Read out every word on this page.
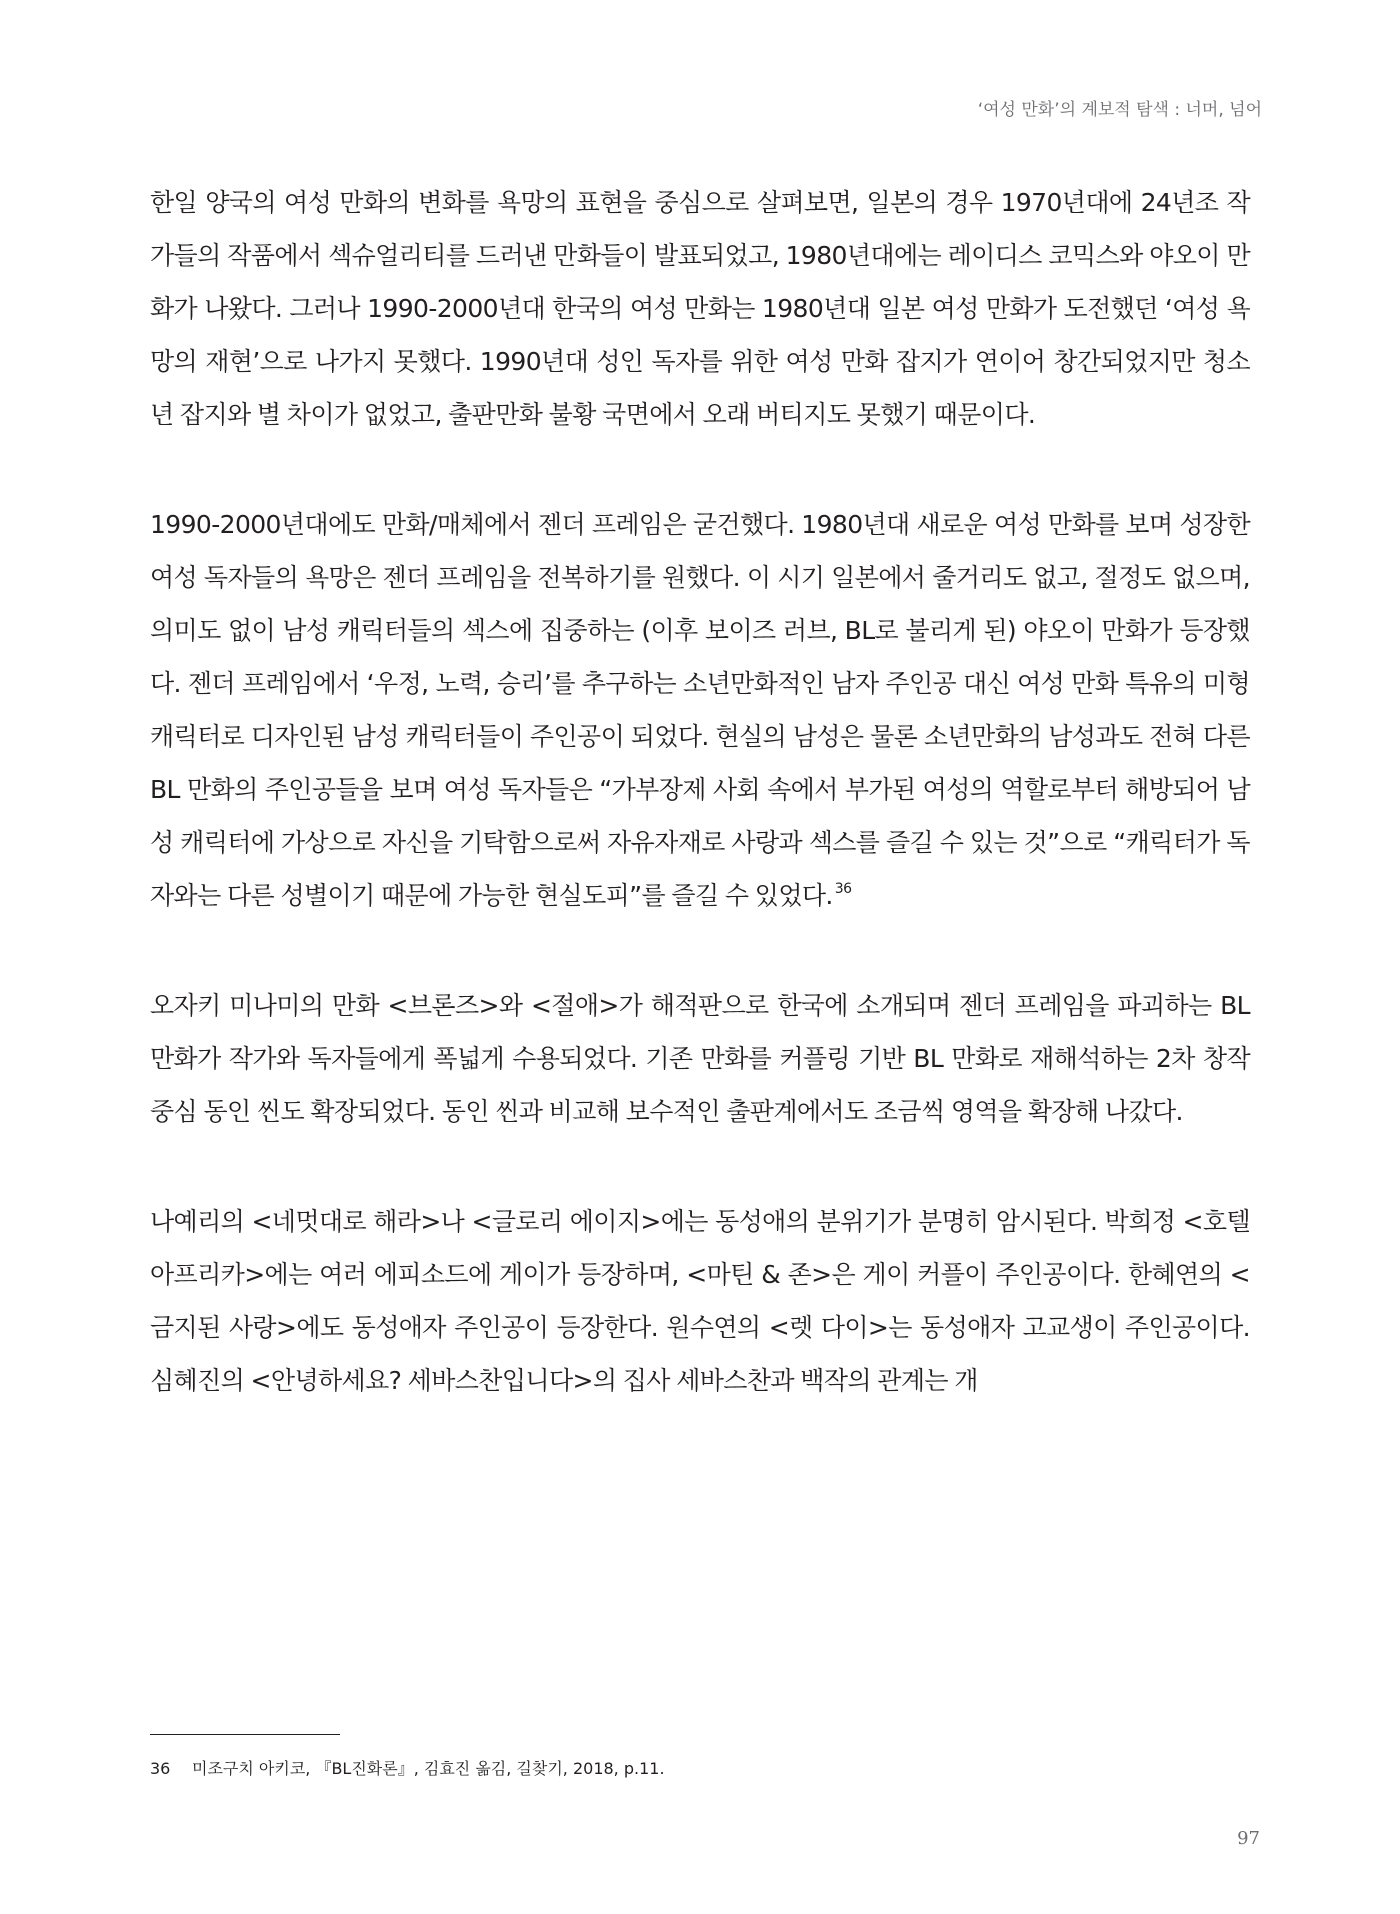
‘여성 만화’의 계보적 탐색 : 너머, 넘어

한일 양국의 여성 만화의 변화를 욕망의 표현을 중심으로 살펴보면, 일본의 경우 1970년대에 24년조 작가들의 작품에서 섹슈얼리티를 드러낸 만화들이 발표되었고, 1980년대에는 레이디스 코믹스와 야오이 만화가 나왔다. 그러나 1990-2000년대 한국의 여성 만화는 1980년대 일본 여성 만화가 도전했던 ‘여성 욕망의 재현’으로 나가지 못했다. 1990년대 성인 독자를 위한 여성 만화 잡지가 연이어 창간되었지만 청소년 잡지와 별 차이가 없었고, 출판만화 불황 국면에서 오래 버티지도 못했기 때문이다.

1990-2000년대에도 만화/매체에서 젠더 프레임은 굳건했다. 1980년대 새로운 여성 만화를 보며 성장한 여성 독자들의 욕망은 젠더 프레임을 전복하기를 원했다. 이 시기 일본에서 줄거리도 없고, 절정도 없으며, 의미도 없이 남성 캐릭터들의 섹스에 집중하는 (이후 보이즈 러브, BL로 불리게 된) 야오이 만화가 등장했다. 젠더 프레임에서 ‘우정, 노력, 승리’를 추구하는 소년만화적인 남자 주인공 대신 여성 만화 특유의 미형 캐릭터로 디자인된 남성 캐릭터들이 주인공이 되었다. 현실의 남성은 물론 소년만화의 남성과도 전혀 다른 BL 만화의 주인공들을 보며 여성 독자들은 “가부장제 사회 속에서 부가된 여성의 역할로부터 해방되어 남성 캐릭터에 가상으로 자신을 기탁함으로써 자유자재로 사랑과 섹스를 즐길 수 있는 것”으로 “캐릭터가 독자와는 다른 성별이기 때문에 가능한 현실도피”를 즐길 수 있었다. $^{36}$

오자키 미나미의 만화 <브론즈>와 <절애>가 해적판으로 한국에 소개되며 젠더 프레임을 파괴하는 BL 만화가 작가와 독자들에게 폭넓게 수용되었다. 기존 만화를 커플링 기반 BL 만화로 재해석하는 2차 창작 중심 동인 씬도 확장되었다. 동인 씬과 비교해 보수적인 출판계에서도 조금씩 영역을 확장해 나갔다.

나예리의 <네멋대로 해라>나 <글로리 에이지>에는 동성애의 분위기가 분명히 암시된다. 박희정 <호텔 아프리카>에는 여러 에피소드에 게이가 등장하며, <마틴 & 존>은 게이 커플이 주인공이다. 한혜연의 <금지된 사랑>에도 동성애자 주인공이 등장한다. 원수연의 <렛 다이>는 동성애자 고교생이 주인공이다. 심혜진의 <안녕하세요? 세바스찬입니다>의 집사 세바스찬과 백작의 관계는 개

36 미조구치 아키코, 『BL진화론』, 김효진 옮김, 길찾기, 2018, p.11.
97
